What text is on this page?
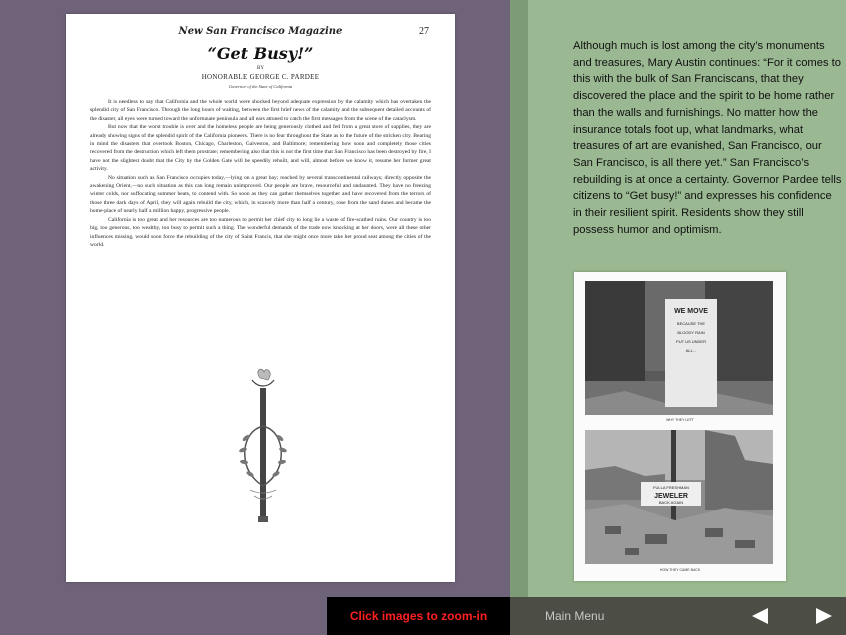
New San Francisco Magazine	27
“Get Busy!”
BY
HONORABLE GEORGE C. PARDEE
Governor of the State of California

It is needless to say that California and the whole world were shocked beyond adequate expression by the calamity which has overtaken the splendid city of San Francisco. Through the long hours of waiting, between the first brief news of the calamity and the subsequent detailed accounts of the disaster, all eyes were turned toward the unfortunate peninsula and all ears attuned to catch the first messages from the scene of the cataclysm.

But now that the worst trouble is over and the homeless people are being generously clothed and fed from a great store of supplies, they are already showing signs of the splendid spirit of the California pioneers. There is no fear throughout the State as to the future of the stricken city. Bearing in mind the disasters that overtook Boston, Chicago, Charleston, Galveston, and Baltimore; remembering how soon and completely those cities recovered from the destruction which left them prostrate; remembering also that this is not the first time that San Francisco has been destroyed by fire, I have not the slightest doubt that the City by the Golden Gate will be speedily rebuilt, and will, almost before we know it, resume her former great activity.

No situation such as San Francisco occupies today,—lying on a great bay; reached by several transcontinental railways; directly opposite the awakening Orient,—no such situation as this can long remain unimproved. Our people are brave, resourceful and undaunted. They have no freezing winter colds, nor suffocating summer heats, to contend with. So soon as they can gather themselves together and have recovered from the terrors of those three dark days of April, they will again rebuild the city, which, in scarcely more than half a century, rose from the sand dunes and became the home-place of nearly half a million happy, progressive people.

California is too great and her resources are too numerous to permit her chief city to long lie a waste of fire-scathed ruins. Our country is too big, too generous, too wealthy, too busy to permit such a thing. The wonderful demands of the trade now knocking at her doors, were all these other influences missing, would soon force the rebuilding of the city of Saint Francis, that she might once more take her proud seat among the cities of the world.

Although much is lost among the city’s monuments and treasures, Mary Austin continues: “For it comes to this with the bulk of San Franciscans, that they discovered the place and the spirit to be home rather than the walls and furnishings. No matter how the insurance totals foot up, what landmarks, what treasures of art are evanished, San Francisco, our San Francisco, is all there yet.” San Francisco’s rebuilding is at once a certainty. Governor Pardee tells citizens to “Get busy!” and expresses his confidence in their resilient spirit. Residents show they still possess humor and optimism.
WE MOVE
BECAUSE THE
BLOODY RAIN
PUT US UNDER
ALL...
WHY THEY LEFT
FULLA FRESHMAN
JEWELER
BACK AGAIN
HOW THEY CAME BACK
Click images to zoom-in	Main Menu
